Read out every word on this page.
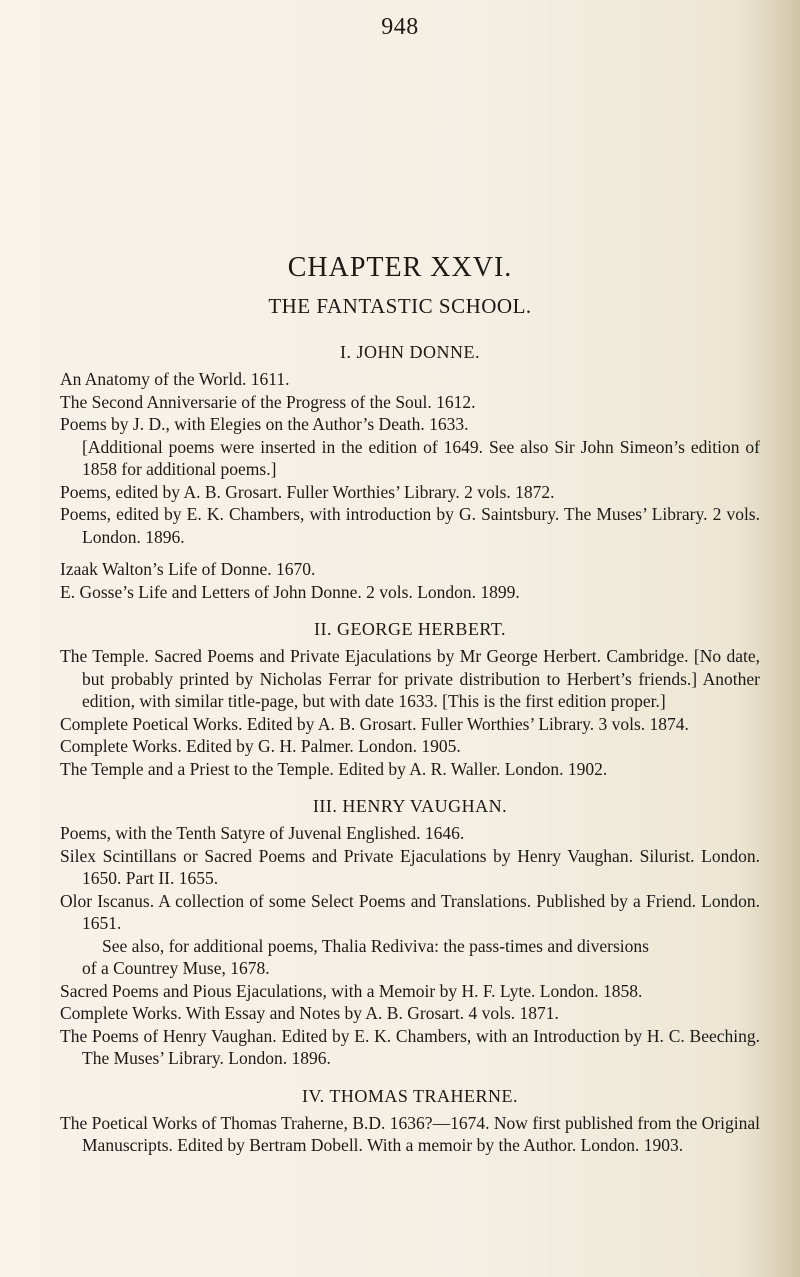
948
CHAPTER XXVI.
THE FANTASTIC SCHOOL.
I. JOHN DONNE.

An Anatomy of the World. 1611.

The Second Anniversarie of the Progress of the Soul. 1612.

Poems by J. D., with Elegies on the Author’s Death. 1633.

[Additional poems were inserted in the edition of 1649. See also Sir John Simeon’s edition of 1858 for additional poems.]

Poems, edited by A. B. Grosart. Fuller Worthies’ Library. 2 vols. 1872.

Poems, edited by E. K. Chambers, with introduction by G. Saintsbury. The Muses’ Library. 2 vols. London. 1896.

Izaak Walton’s Life of Donne. 1670.

E. Gosse’s Life and Letters of John Donne. 2 vols. London. 1899.

II. GEORGE HERBERT.

The Temple. Sacred Poems and Private Ejaculations by Mr George Herbert. Cambridge. [No date, but probably printed by Nicholas Ferrar for private distribution to Herbert’s friends.] Another edition, with similar title-page, but with date 1633. [This is the first edition proper.]

Complete Poetical Works. Edited by A. B. Grosart. Fuller Worthies’ Library. 3 vols. 1874.

Complete Works. Edited by G. H. Palmer. London. 1905.

The Temple and a Priest to the Temple. Edited by A. R. Waller. London. 1902.

III. HENRY VAUGHAN.

Poems, with the Tenth Satyre of Juvenal Englished. 1646.

Silex Scintillans or Sacred Poems and Private Ejaculations by Henry Vaughan. Silurist. London. 1650. Part II. 1655.

Olor Iscanus. A collection of some Select Poems and Translations. Published by a Friend. London. 1651.

See also, for additional poems, Thalia Rediviva: the pass-times and diversions
of a Countrey Muse, 1678.

Sacred Poems and Pious Ejaculations, with a Memoir by H. F. Lyte. London. 1858.

Complete Works. With Essay and Notes by A. B. Grosart. 4 vols. 1871.

The Poems of Henry Vaughan. Edited by E. K. Chambers, with an Introduction by H. C. Beeching. The Muses’ Library. London. 1896.

IV. THOMAS TRAHERNE.

The Poetical Works of Thomas Traherne, B.D. 1636?—1674. Now first published from the Original Manuscripts. Edited by Bertram Dobell. With a memoir by the Author. London. 1903.
